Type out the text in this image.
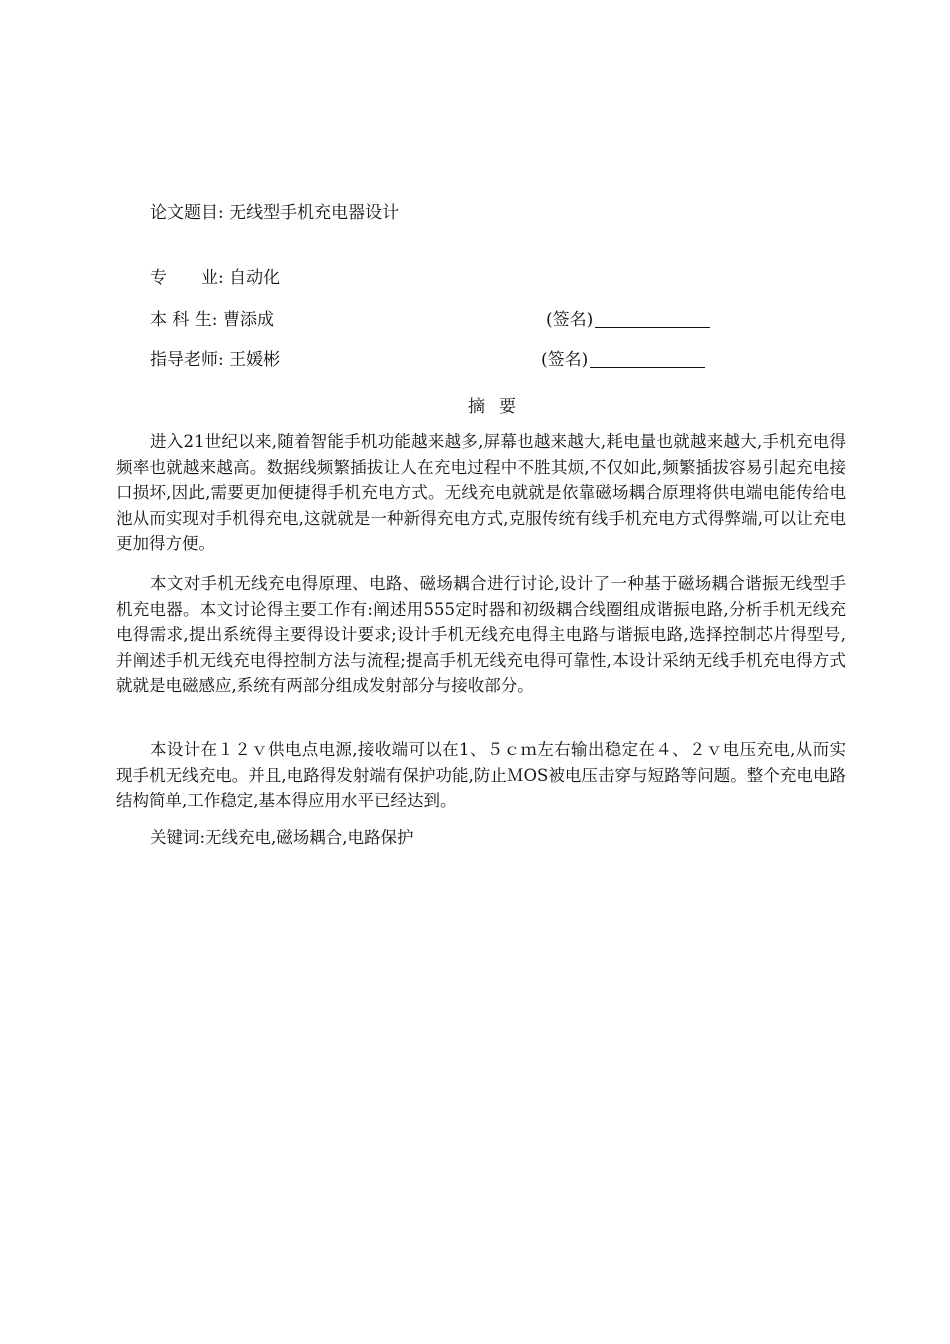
论文题目: 无线型手机充电器设计
专　　业: 自动化
本 科 生: 曹添成	(签名)
指导老师: 王媛彬	(签名)
摘要

进入21世纪以来,随着智能手机功能越来越多,屏幕也越来越大,耗电量也就越来越大,手机充电得频率也就越来越高。数据线频繁插拔让人在充电过程中不胜其烦,不仅如此,频繁插拔容易引起充电接口损坏,因此,需要更加便捷得手机充电方式。无线充电就就是依靠磁场耦合原理将供电端电能传给电池从而实现对手机得充电,这就就是一种新得充电方式,克服传统有线手机充电方式得弊端,可以让充电更加得方便。

本文对手机无线充电得原理、电路、磁场耦合进行讨论,设计了一种基于磁场耦合谐振无线型手机充电器。本文讨论得主要工作有:阐述用555定时器和初级耦合线圈组成谐振电路,分析手机无线充电得需求,提出系统得主要得设计要求;设计手机无线充电得主电路与谐振电路,选择控制芯片得型号,并阐述手机无线充电得控制方法与流程;提高手机无线充电得可靠性,本设计采纳无线手机充电得方式就就是电磁感应,系统有两部分组成发射部分与接收部分。

本设计在１２ｖ供电点电源,接收端可以在1、５ｃｍ左右输出稳定在４、２ｖ电压充电,从而实现手机无线充电。并且,电路得发射端有保护功能,防止ＭOS被电压击穿与短路等问题。整个充电电路结构简单,工作稳定,基本得应用水平已经达到。

关键词:无线充电,磁场耦合,电路保护
